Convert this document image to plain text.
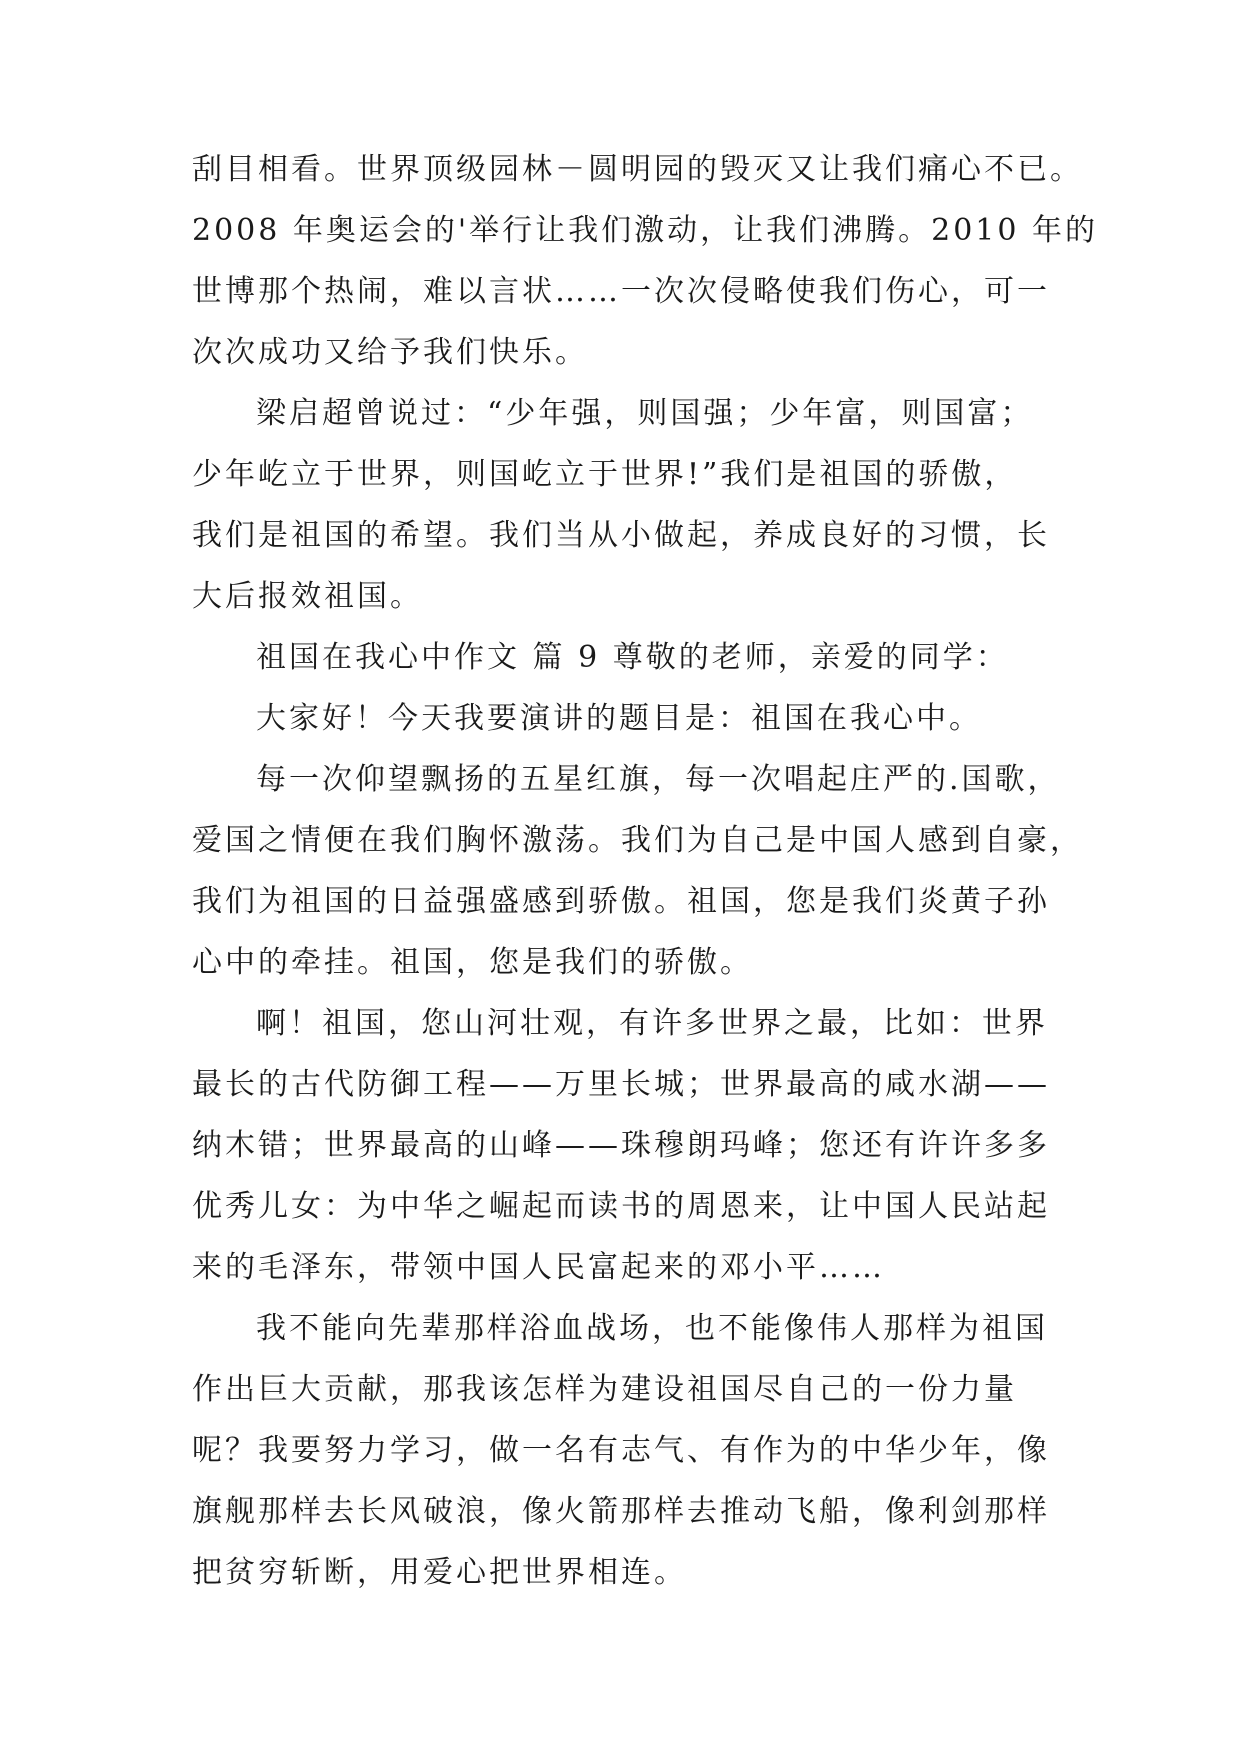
刮目相看。世界顶级园林－圆明园的毁灭又让我们痛心不已。
2008 年奥运会的'举行让我们激动，让我们沸腾。2010 年的
世博那个热闹，难以言状……一次次侵略使我们伤心，可一
次次成功又给予我们快乐。
梁启超曾说过：“少年强，则国强；少年富，则国富；
少年屹立于世界，则国屹立于世界!”我们是祖国的骄傲，
我们是祖国的希望。我们当从小做起，养成良好的习惯，长
大后报效祖国。
祖国在我心中作文 篇 9 尊敬的老师，亲爱的同学：
大家好！今天我要演讲的题目是：祖国在我心中。
每一次仰望飘扬的五星红旗，每一次唱起庄严的.国歌，
爱国之情便在我们胸怀激荡。我们为自己是中国人感到自豪，
我们为祖国的日益强盛感到骄傲。祖国，您是我们炎黄子孙
心中的牵挂。祖国，您是我们的骄傲。
啊！祖国，您山河壮观，有许多世界之最，比如：世界
最长的古代防御工程——万里长城；世界最高的咸水湖——
纳木错；世界最高的山峰——珠穆朗玛峰；您还有许许多多
优秀儿女：为中华之崛起而读书的周恩来，让中国人民站起
来的毛泽东，带领中国人民富起来的邓小平……
我不能向先辈那样浴血战场，也不能像伟人那样为祖国
作出巨大贡献，那我该怎样为建设祖国尽自己的一份力量
呢？我要努力学习，做一名有志气、有作为的中华少年，像
旗舰那样去长风破浪，像火箭那样去推动飞船，像利剑那样
把贫穷斩断，用爱心把世界相连。
